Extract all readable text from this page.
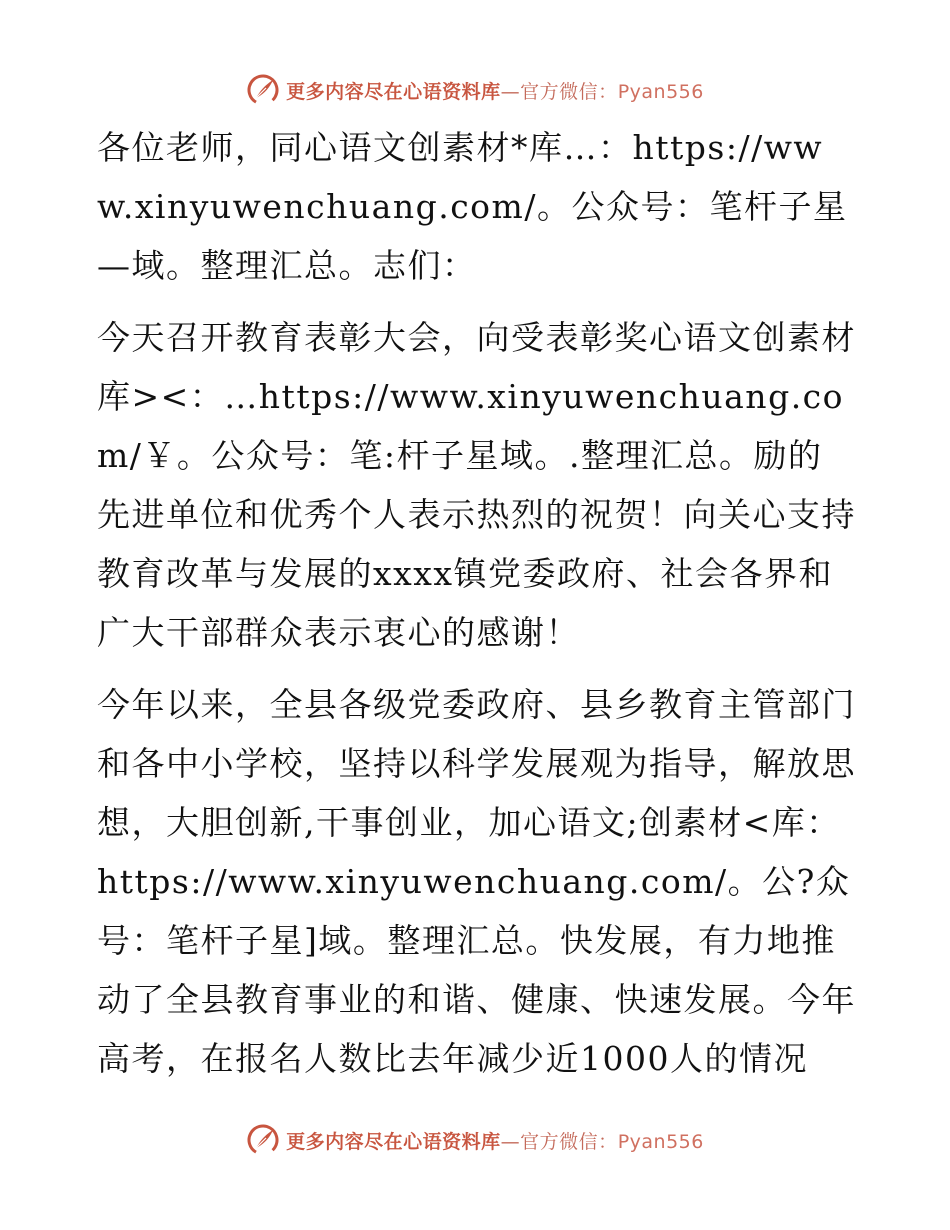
更多内容尽在心语资料库—官方微信：Pyan556

各位老师，同心语文创素材*库…：https://www.xinyuwenchuang.com/。公众号：笔杆子星—域。整理汇总。志们：

今天召开教育表彰大会，向受表彰奖心语文创素材库><：…https://www.xinyuwenchuang.com/￥。公众号：笔:杆子星域。.整理汇总。励的先进单位和优秀个人表示热烈的祝贺！向关心支持教育改革与发展的xxxx镇党委政府、社会各界和广大干部群众表示衷心的感谢！

今年以来，全县各级党委政府、县乡教育主管部门和各中小学校，坚持以科学发展观为指导，解放思想，大胆创新,干事创业，加心语文;创素材<库：https://www.xinyuwenchuang.com/。公?众号：笔杆子星]域。整理汇总。快发展，有力地推动了全县教育事业的和谐、健康、快速发展。今年高考，在报名人数比去年减少近1000人的情况

更多内容尽在心语资料库—官方微信：Pyan556
